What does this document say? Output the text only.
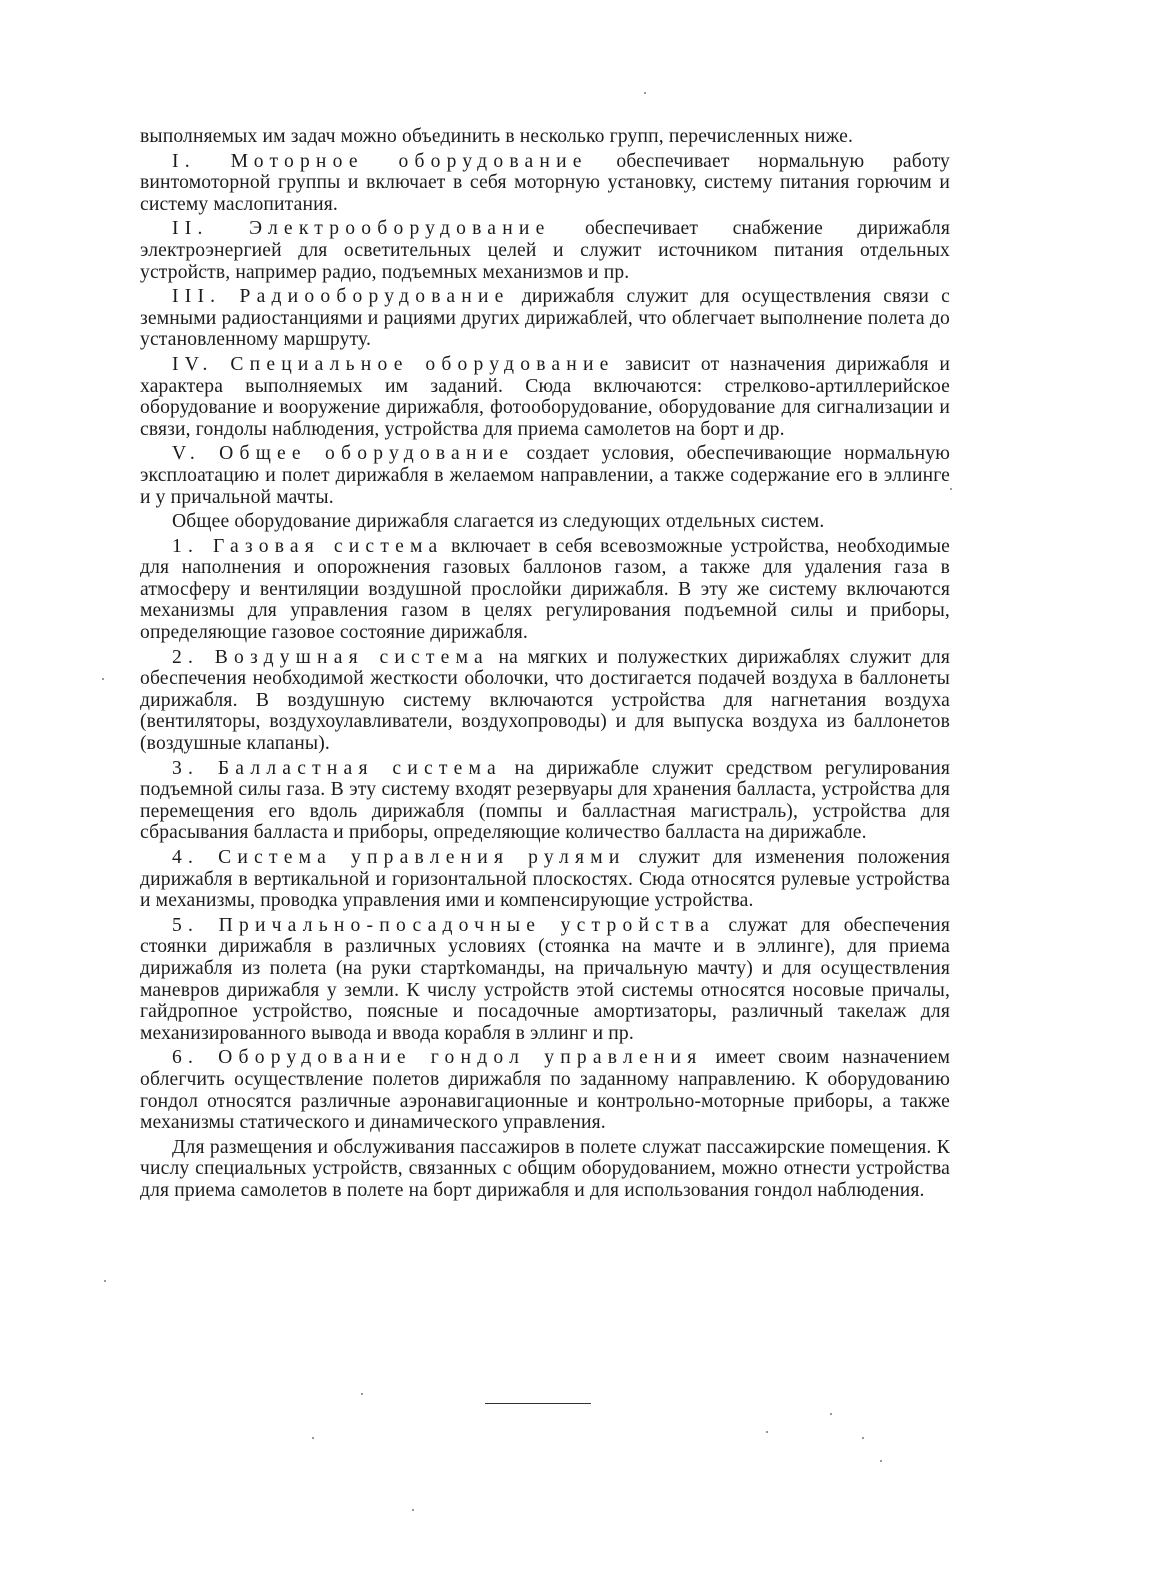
выполняемых им задач можно объединить в несколько групп, перечисленных ниже.

I. Моторное оборудование обеспечивает нормальную работу винтомоторной группы и включает в себя моторную установку, систему питания горючим и систему маслопитания.

II. Электрооборудование обеспечивает снабжение дирижабля электроэнергией для осветительных целей и служит источником питания отдельных устройств, например радио, подъемных механизмов и пр.

III. Радиооборудование дирижабля служит для осуществления связи с земными радиостанциями и рациями других дирижаблей, что облегчает выполнение полета до установленному маршруту.

IV. Специальное оборудование зависит от назначения дирижабля и характера выполняемых им заданий. Сюда включаются: стрелково-артиллерийское оборудование и вооружение дирижабля, фотооборудование, оборудование для сигнализации и связи, гондолы наблюдения, устройства для приема самолетов на борт и др.

V. Общее оборудование создает условия, обеспечивающие нормальную эксплоатацию и полет дирижабля в желаемом направлении, а также содержание его в эллинге и у причальной мачты.

Общее оборудование дирижабля слагается из следующих отдельных систем.

1. Газовая система включает в себя всевозможные устройства, необходимые для наполнения и опорожнения газовых баллонов газом, а также для удаления газа в атмосферу и вентиляции воздушной прослойки дирижабля. В эту же систему включаются механизмы для управления газом в целях регулирования подъемной силы и приборы, определяющие газовое состояние дирижабля.

2. Воздушная система на мягких и полужестких дирижаблях служит для обеспечения необходимой жесткости оболочки, что достигается подачей воздуха в баллонеты дирижабля. В воздушную систему включаются устройства для нагнетания воздуха (вентиляторы, воздухоулавливатели, воздухопроводы) и для выпуска воздуха из баллонетов (воздушные клапаны).

3. Балластная система на дирижабле служит средством регулирования подъемной силы газа. В эту систему входят резервуары для хранения балласта, устройства для перемещения его вдоль дирижабля (помпы и балластная магистраль), устройства для сбрасывания балласта и приборы, определяющие количество балласта на дирижабле.

4. Система управления рулями служит для изменения положения дирижабля в вертикальной и горизонтальной плоскостях. Сюда относятся рулевые устройства и механизмы, проводка управления ими и компенсирующие устройства.

5. Причально-посадочные устройства служат для обеспечения стоянки дирижабля в различных условиях (стоянка на мачте и в эллинге), для приема дирижабля из полета (на руки стартkоманды, на причальную мачту) и для осуществления маневров дирижабля у земли. К числу устройств этой системы относятся носовые причалы, гайдропное устройство, поясные и посадочные амортизаторы, различный такелаж для механизированного вывода и ввода корабля в эллинг и пр.

6. Оборудование гондол управления имеет своим назначением облегчить осуществление полетов дирижабля по заданному направлению. К оборудованию гондол относятся различные аэронавигационные и контрольно-моторные приборы, а также механизмы статического и динамического управления.

Для размещения и обслуживания пассажиров в полете служат пассажирские помещения. К числу специальных устройств, связанных с общим оборудованием, можно отнести устройства для приема самолетов в полете на борт дирижабля и для использования гондол наблюдения.
